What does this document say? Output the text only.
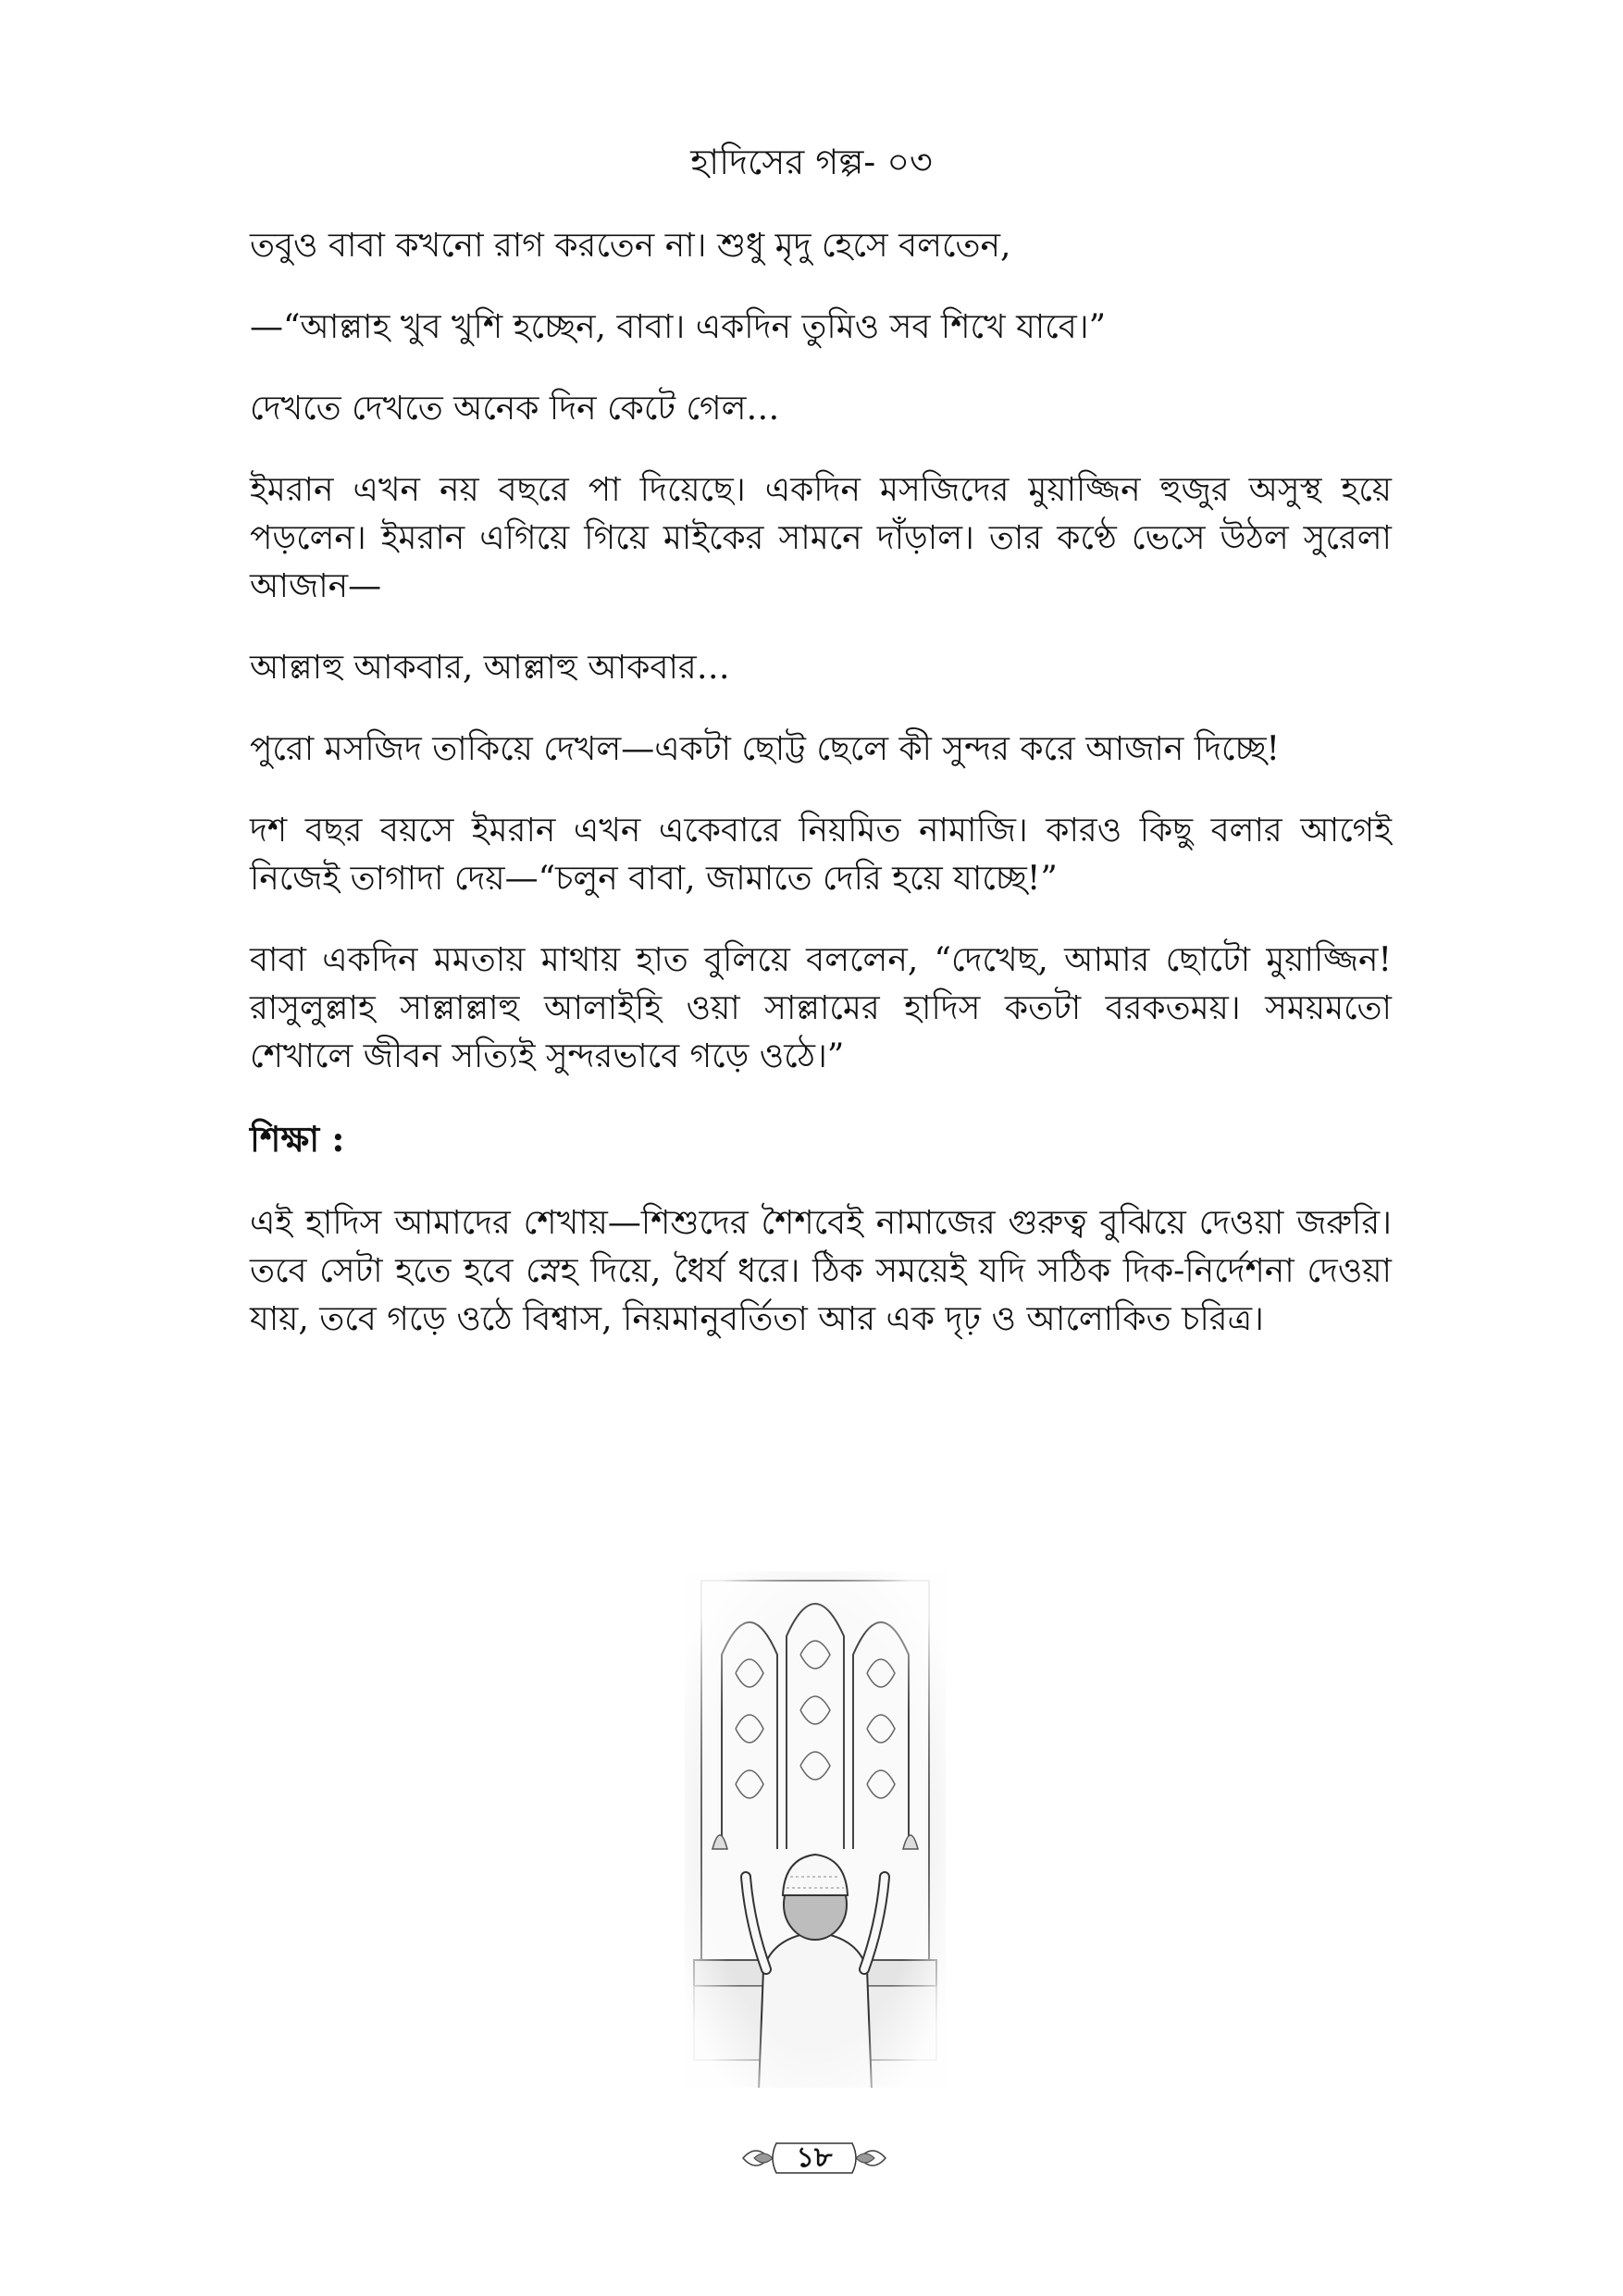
হাদিসের গল্প- ০৩

তবুও বাবা কখনো রাগ করতেন না। শুধু মৃদু হেসে বলতেন,

—“আল্লাহ খুব খুশি হচ্ছেন, বাবা। একদিন তুমিও সব শিখে যাবে।”

দেখতে দেখতে অনেক দিন কেটে গেল…

ইমরান এখন নয় বছরে পা দিয়েছে। একদিন মসজিদের মুয়াজ্জিন হুজুর অসুস্থ হয়ে পড়লেন। ইমরান এগিয়ে গিয়ে মাইকের সামনে দাঁড়াল। তার কণ্ঠে ভেসে উঠল সুরেলা আজান—

আল্লাহু আকবার, আল্লাহু আকবার…

পুরো মসজিদ তাকিয়ে দেখল—একটা ছোট্ট ছেলে কী সুন্দর করে আজান দিচ্ছে!

দশ বছর বয়সে ইমরান এখন একেবারে নিয়মিত নামাজি। কারও কিছু বলার আগেই নিজেই তাগাদা দেয়—“চলুন বাবা, জামাতে দেরি হয়ে যাচ্ছে!”

বাবা একদিন মমতায় মাথায় হাত বুলিয়ে বললেন, “দেখেছ, আমার ছোটো মুয়াজ্জিন! রাসুলুল্লাহ সাল্লাল্লাহু আলাইহি ওয়া সাল্লামের হাদিস কতটা বরকতময়। সময়মতো শেখালে জীবন সত্যিই সুন্দরভাবে গড়ে ওঠে।”

শিক্ষা :

এই হাদিস আমাদের শেখায়—শিশুদের শৈশবেই নামাজের গুরুত্ব বুঝিয়ে দেওয়া জরুরি। তবে সেটা হতে হবে স্নেহ দিয়ে, ধৈর্য ধরে। ঠিক সময়েই যদি সঠিক দিক-নির্দেশনা দেওয়া যায়, তবে গড়ে ওঠে বিশ্বাস, নিয়মানুবর্তিতা আর এক দৃঢ় ও আলোকিত চরিত্র।

১৮
